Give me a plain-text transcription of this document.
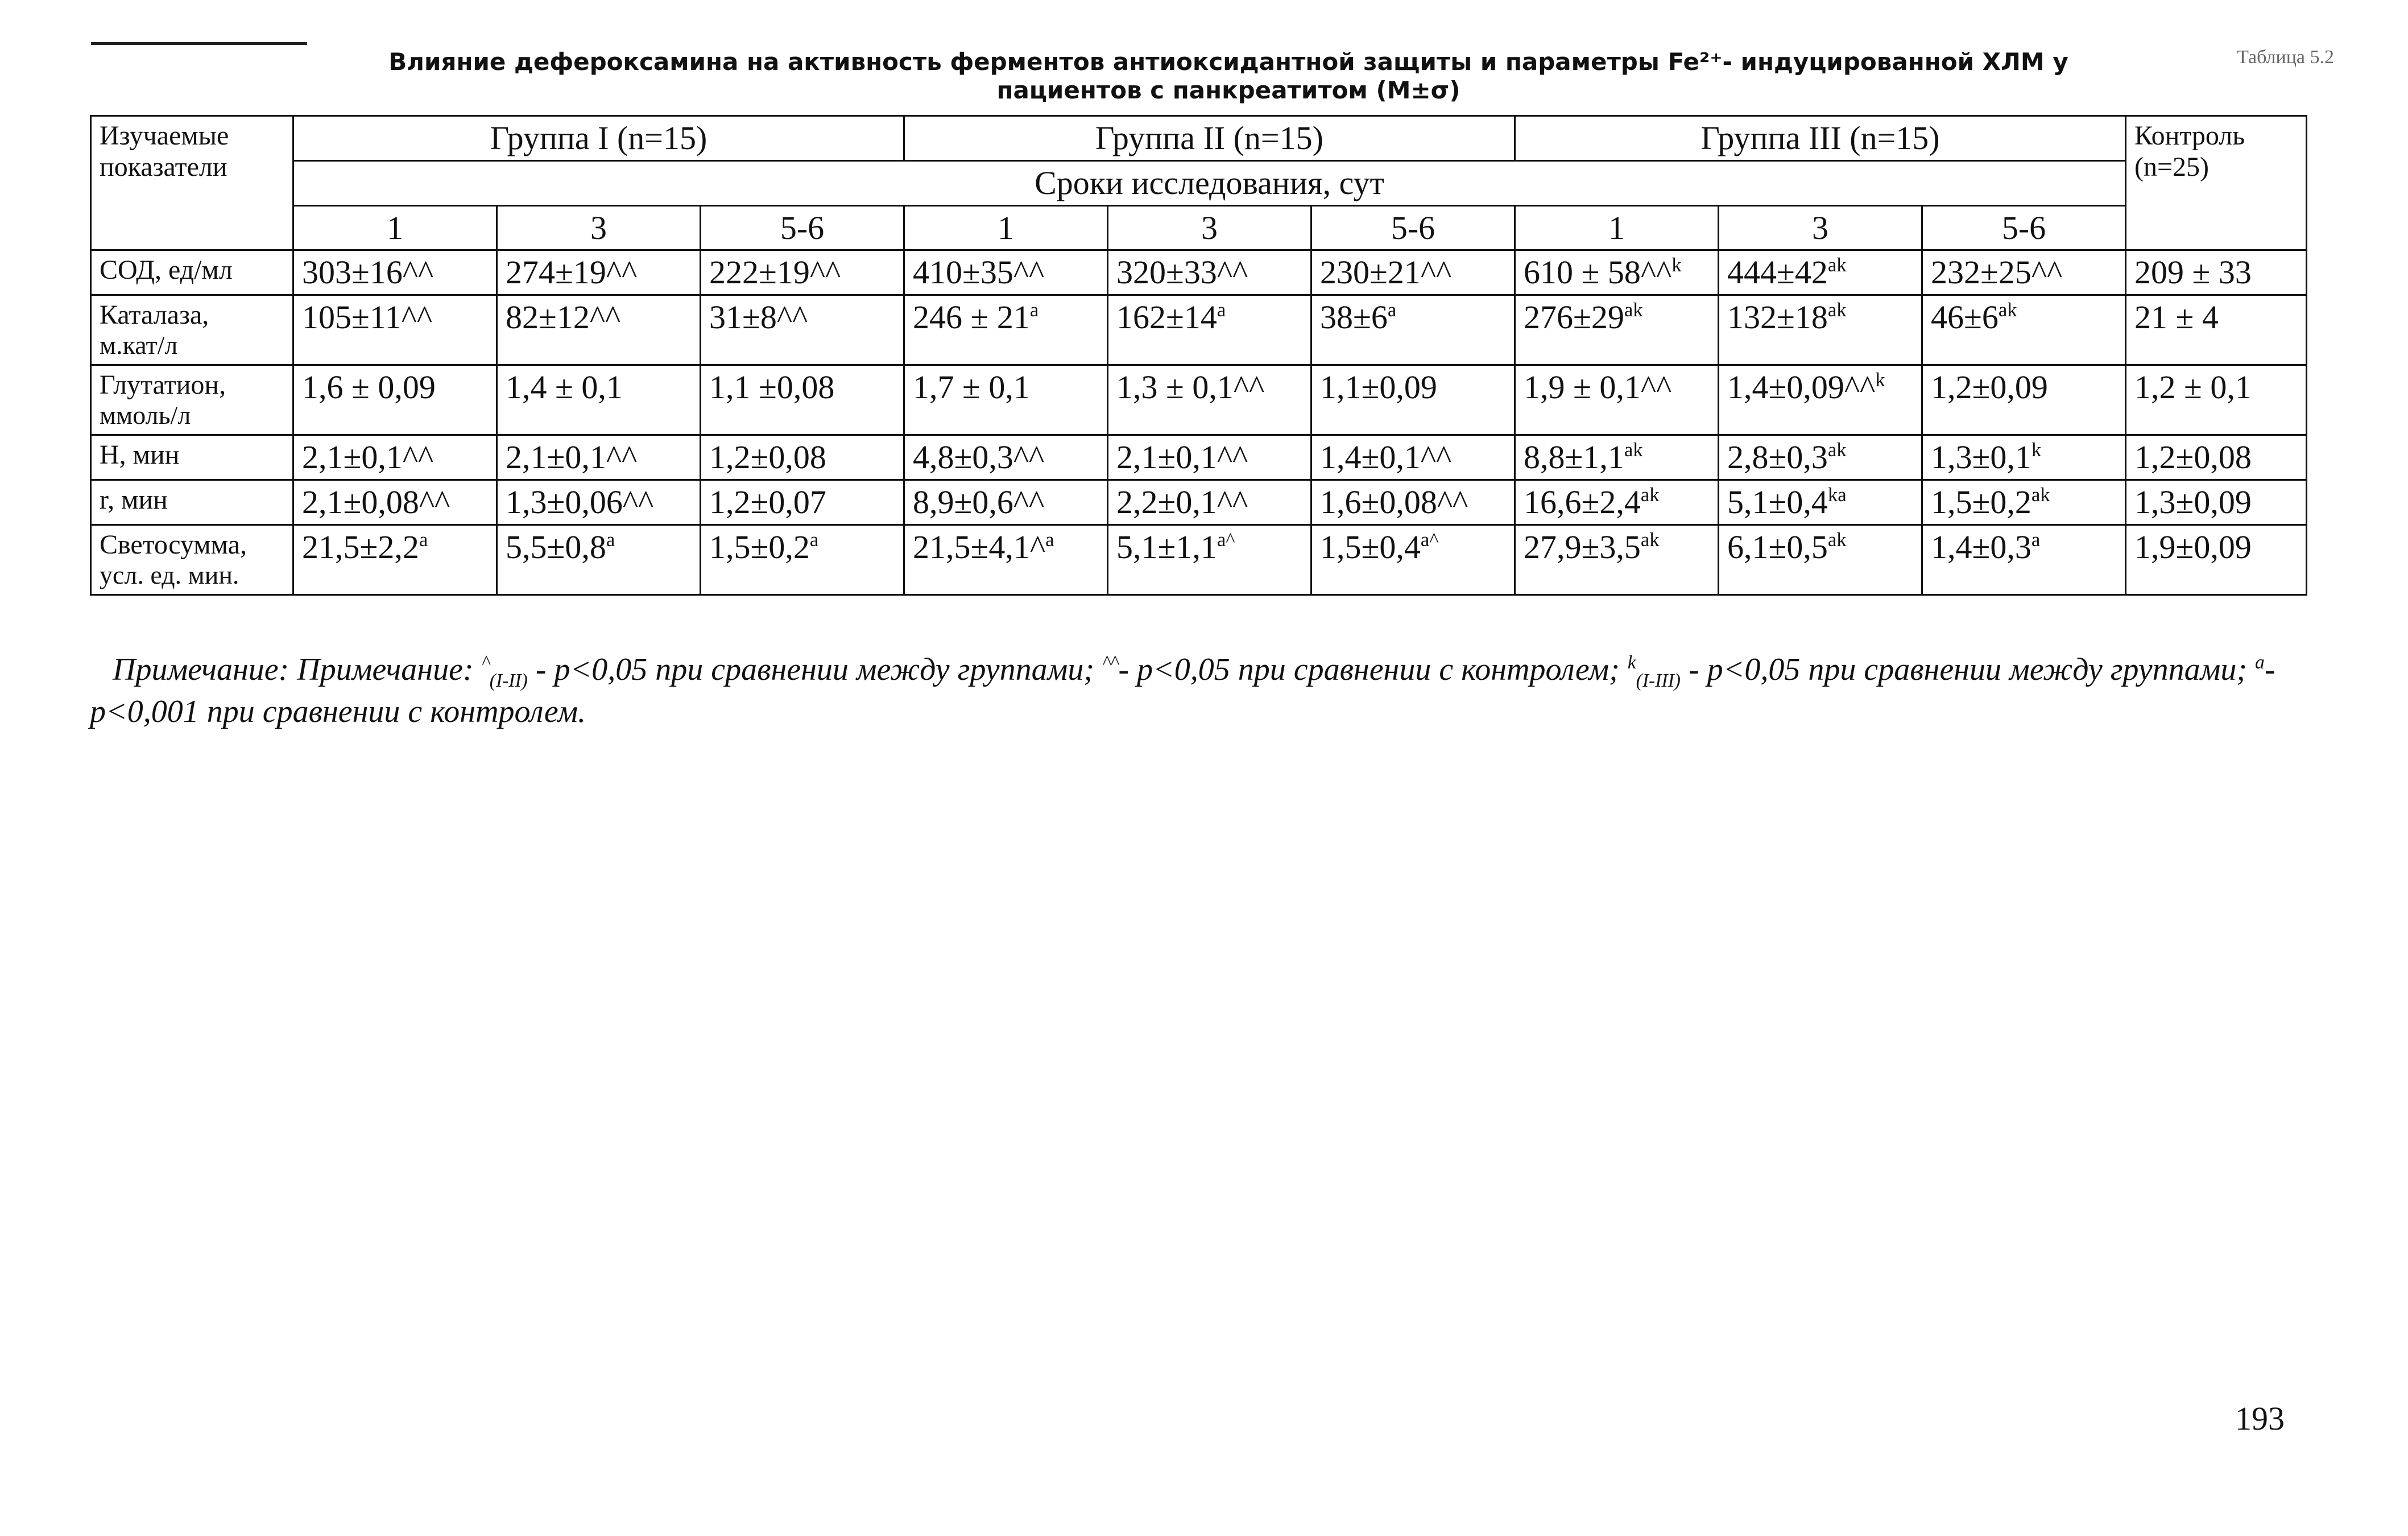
Таблица 5.2
Влияние дефероксамина на активность ферментов антиоксидантной защиты и параметры Fe²⁺- индуцированной ХЛМ у
пациентов с панкреатитом (M±σ)
Изучаемые показатели	Группа I (n=15)			Группа II (n=15)			Группа III (n=15)			Контроль (n=25)
	Сроки исследования, сут									
	1	3	5-6	1	3	5-6	1	3	5-6	

СОД, ед/мл	303±16^^	274±19^^	222±19^^	410±35^^	320±33^^	230±21^^	610 ± 58^^$^k$	$444\pm 42^{ak}$	232±25^^	209 ± 33

Каталаза,
м.кат/л	105±11^^	82±12^^	31±8^^	$246 \pm 21^a$	$162\pm 14^a$	$38\pm 6^a$	$276\pm 29^{ak}$	$132\pm 18^{ak}$	$46\pm 6^{ak}$	21 ± 4

Глутатион,
ммоль/л	1,6 ± 0,09	1,4 ± 0,1	1,1 ±0,08	1,7 ± 0,1	1,3 ± 0,1^^	1,1±0,09	1,9 ± 0,1^^	1,4±0,09^^$^k$	1,2±0,09	1,2 ± 0,1

H, мин	2,1±0,1^^	2,1±0,1^^	1,2±0,08	4,8±0,3^^	2,1±0,1^^	1,4±0,1^^	$8,8\pm 1,1^{ak}$	$2,8\pm 0,3^{ak}$	$1,3\pm 0,1^k$	1,2±0,08

r, мин	2,1±0,08^^	1,3±0,06^^	1,2±0,07	8,9±0,6^^	2,2±0,1^^	1,6±0,08^^	$16,6\pm 2,4^{ak}$	$5,1\pm 0,4^{ka}$	$1,5\pm 0,2^{ak}$	1,3±0,09

Светосумма,
усл. ед. мин.	21,5±2,2$^a$	5,5±0,8$^a$	1,5±0,2$^a$	21,5±4,1^$^a$	$5,1\pm 1,1^{a\^{}}$	$1,5\pm 0,4^{a\^{}}$	$27,9\pm 3,5^{ak}$	$6,1\pm 0,5^{ak}$	1,4±0,3$^a$	1,9±0,09
Примечание: Примечание: ^$_{(I-II)}$ - p<0,05 при сравнении между группами; ^^- p<0,05 при сравнении с контролем; $^k_{(I-III)}$ - p<0,05 при сравнении между группами; $^a$- p<0,001 при сравнении с контролем.
193
